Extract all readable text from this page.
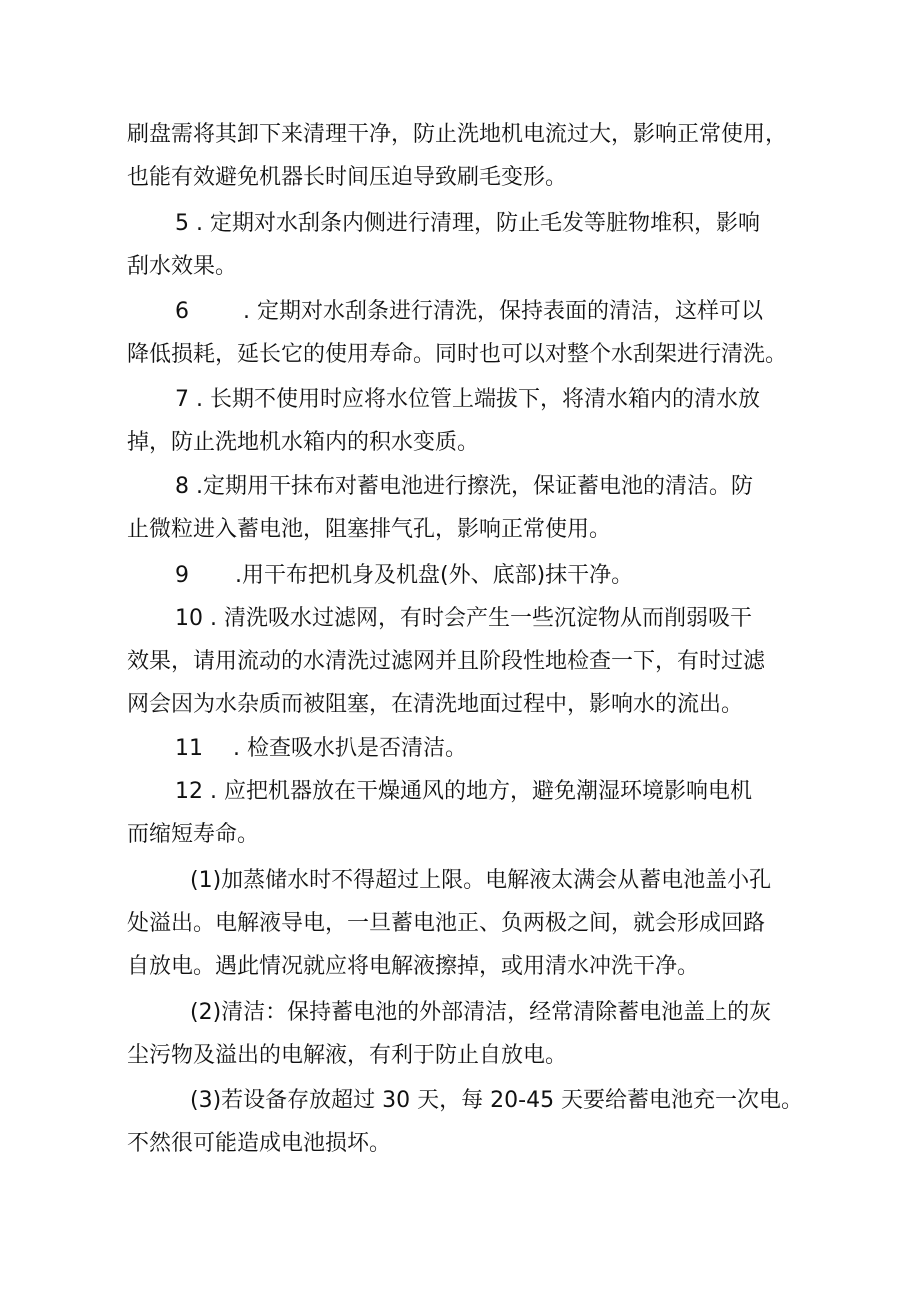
刷盘需将其卸下来清理干净，防止洗地机电流过大，影响正常使用，
也能有效避免机器长时间压迫导致刷毛变形。
5 . 定期对水刮条内侧进行清理，防止毛发等脏物堆积，影响
刮水效果。
6 . 定期对水刮条进行清洗，保持表面的清洁，这样可以
降低损耗，延长它的使用寿命。同时也可以对整个水刮架进行清洗。
7 . 长期不使用时应将水位管上端拔下，将清水箱内的清水放
掉，防止洗地机水箱内的积水变质。
8 .定期用干抹布对蓄电池进行擦洗，保证蓄电池的清洁。防
止微粒进入蓄电池，阻塞排气孔，影响正常使用。
9 .用干布把机身及机盘(外、底部)抹干净。
10 . 清洗吸水过滤网，有时会产生一些沉淀物从而削弱吸干
效果，请用流动的水清洗过滤网并且阶段性地检查一下，有时过滤
网会因为水杂质而被阻塞，在清洗地面过程中，影响水的流出。
11 . 检查吸水扒是否清洁。
12 . 应把机器放在干燥通风的地方，避免潮湿环境影响电机
而缩短寿命。
(1)加蒸储水时不得超过上限。电解液太满会从蓄电池盖小孔
处溢出。电解液导电，一旦蓄电池正、负两极之间，就会形成回路
自放电。遇此情况就应将电解液擦掉，或用清水冲洗干净。
(2)清洁：保持蓄电池的外部清洁，经常清除蓄电池盖上的灰
尘污物及溢出的电解液，有利于防止自放电。
(3)若设备存放超过 30 天，每 20-45 天要给蓄电池充一次电。
不然很可能造成电池损坏。
